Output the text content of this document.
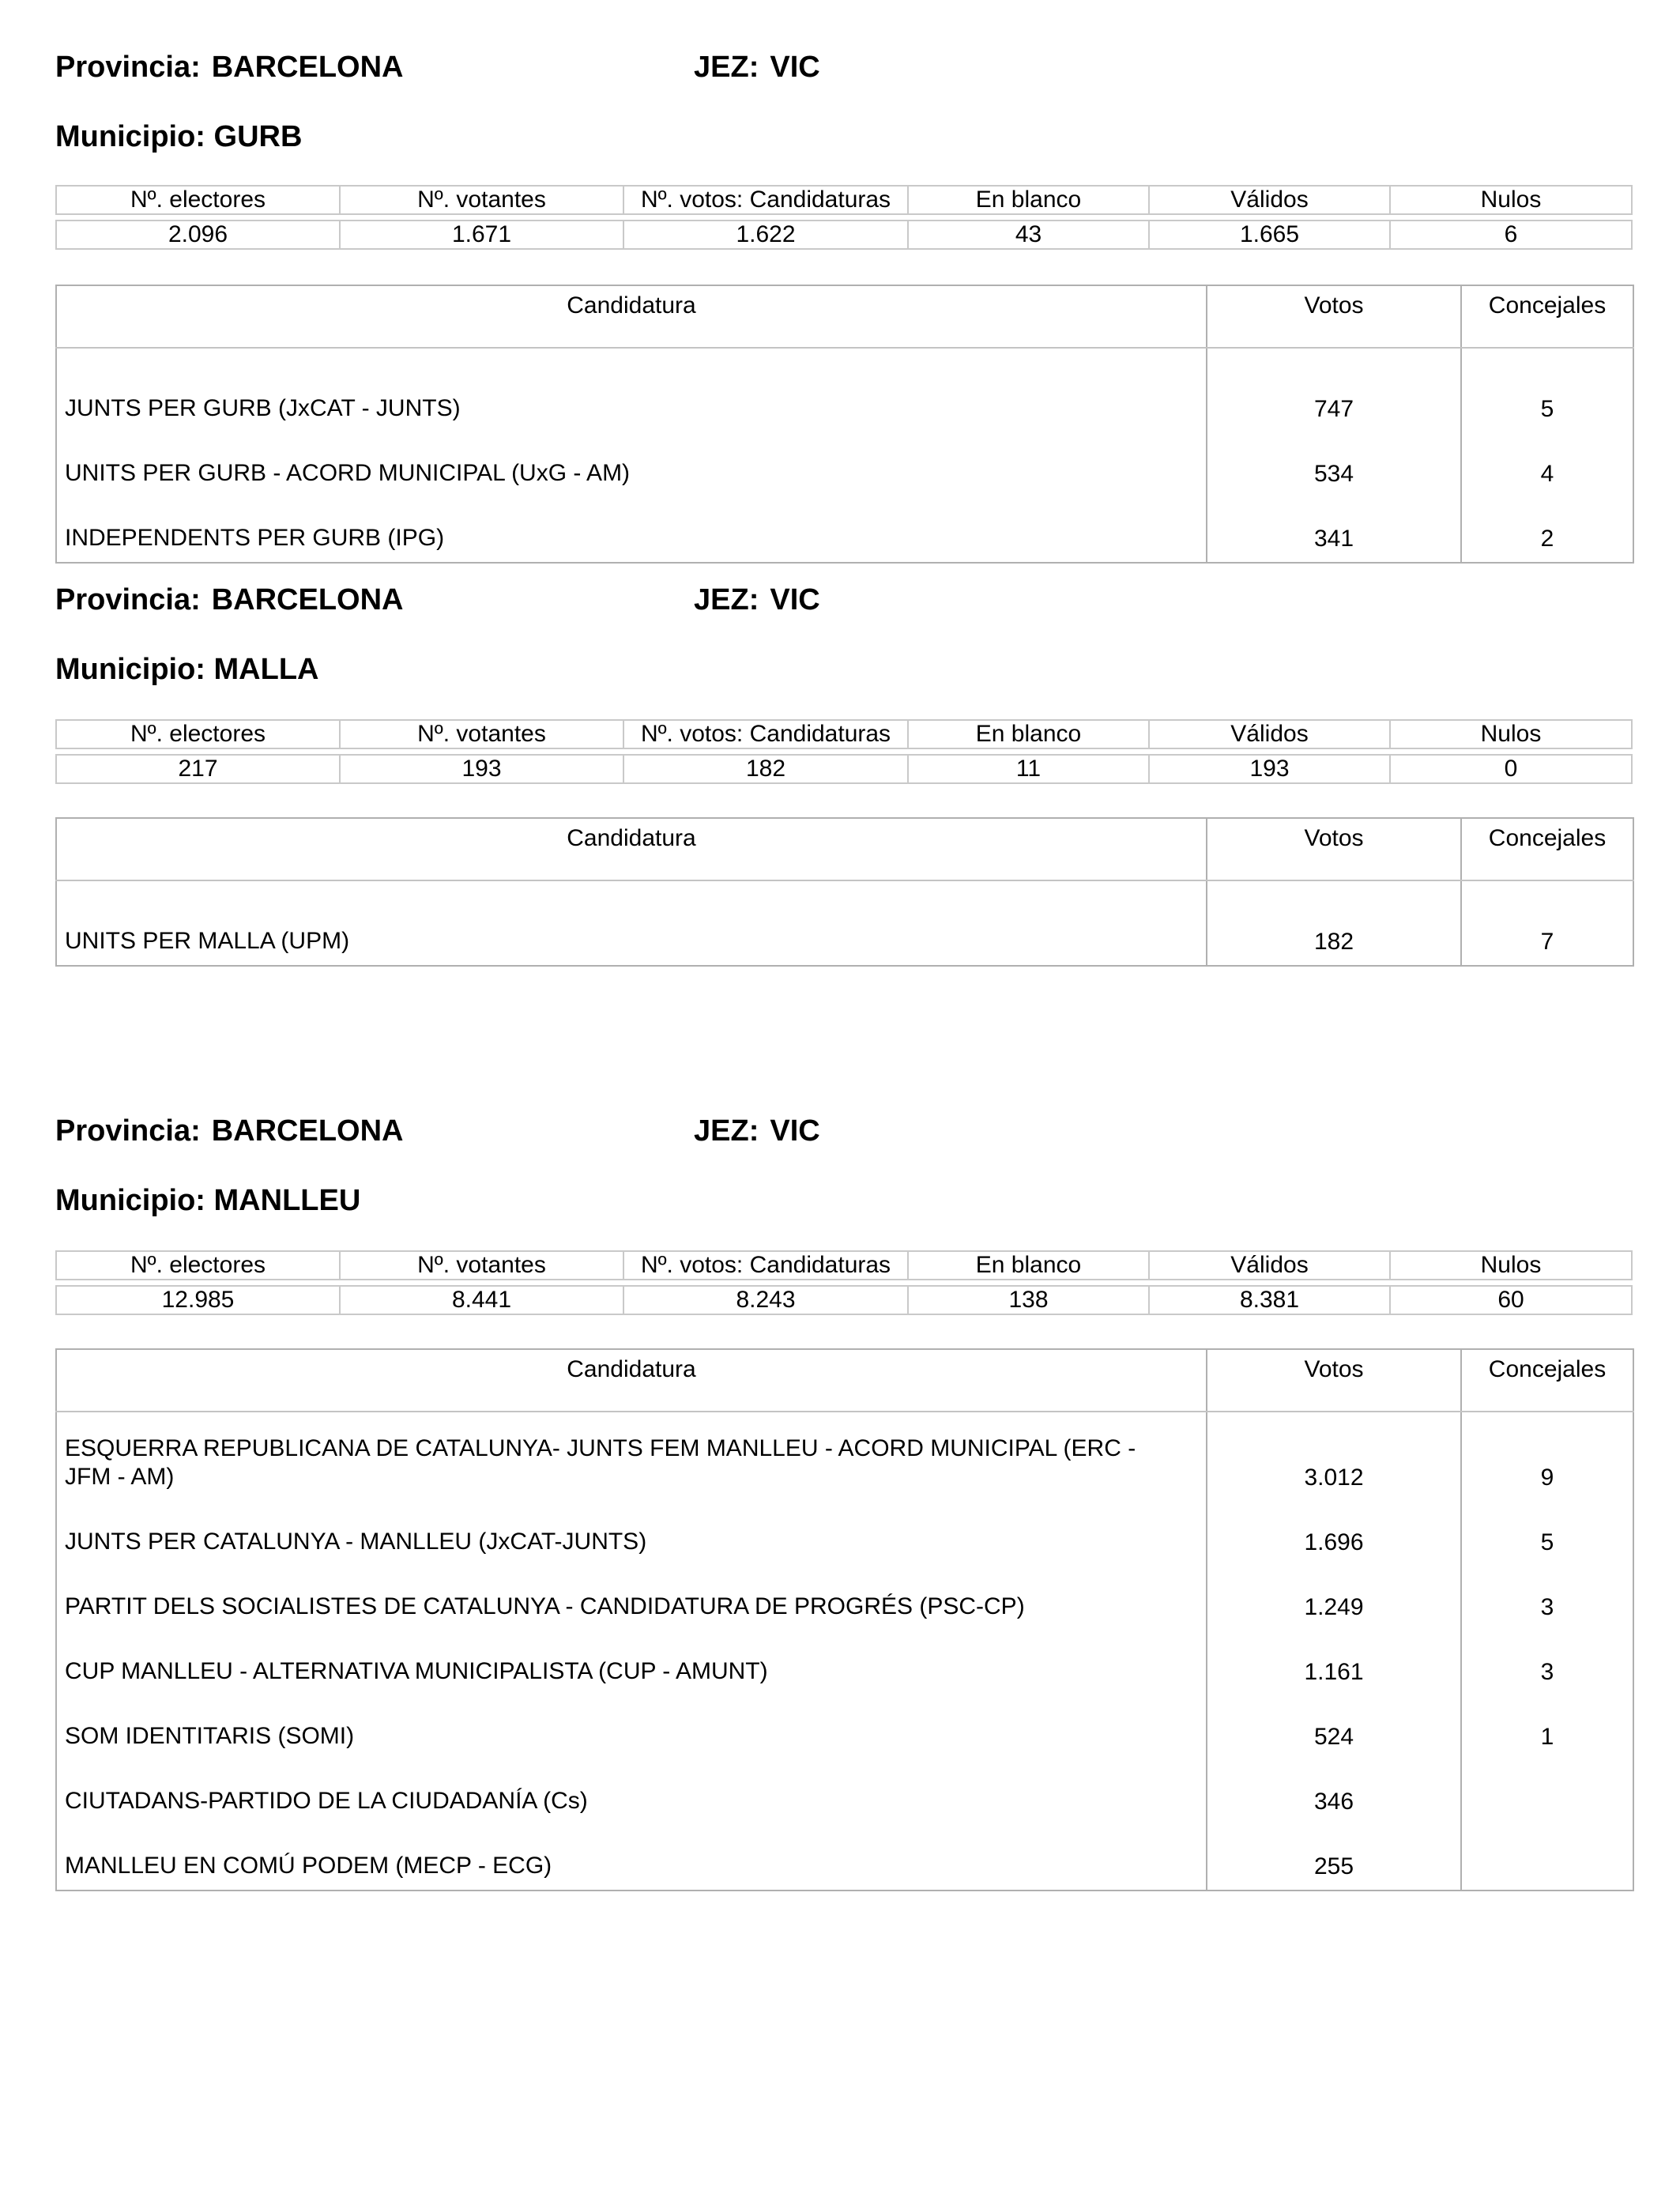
Provincia: BARCELONA	JEZ: VIC
Municipio: GURB
Nº. electores	Nº. votantes	Nº. votos: Candidaturas	En blanco	Válidos	Nulos

2.096	1.671	1.622	43	1.665	6
Candidatura	Votos	Concejales
JUNTS PER GURB (JxCAT - JUNTS)	747	5
UNITS PER GURB - ACORD MUNICIPAL (UxG - AM)	534	4
INDEPENDENTS PER GURB (IPG)	341	2
Provincia: BARCELONA	JEZ: VIC
Municipio: MALLA
Nº. electores	Nº. votantes	Nº. votos: Candidaturas	En blanco	Válidos	Nulos

217	193	182	11	193	0
Candidatura	Votos	Concejales
UNITS PER MALLA (UPM)	182	7
Provincia: BARCELONA	JEZ: VIC
Municipio: MANLLEU
Nº. electores	Nº. votantes	Nº. votos: Candidaturas	En blanco	Válidos	Nulos

12.985	8.441	8.243	138	8.381	60
Candidatura	Votos	Concejales
ESQUERRA REPUBLICANA DE CATALUNYA- JUNTS FEM MANLLEU - ACORD MUNICIPAL (ERC - JFM - AM)	3.012	9
JUNTS PER CATALUNYA - MANLLEU (JxCAT-JUNTS)	1.696	5
PARTIT DELS SOCIALISTES DE CATALUNYA - CANDIDATURA DE PROGRÉS (PSC-CP)	1.249	3
CUP MANLLEU - ALTERNATIVA MUNICIPALISTA (CUP - AMUNT)	1.161	3
SOM IDENTITARIS (SOMI)	524	1
CIUTADANS-PARTIDO DE LA CIUDADANÍA (Cs)	346	
MANLLEU EN COMÚ PODEM (MECP - ECG)	255	
